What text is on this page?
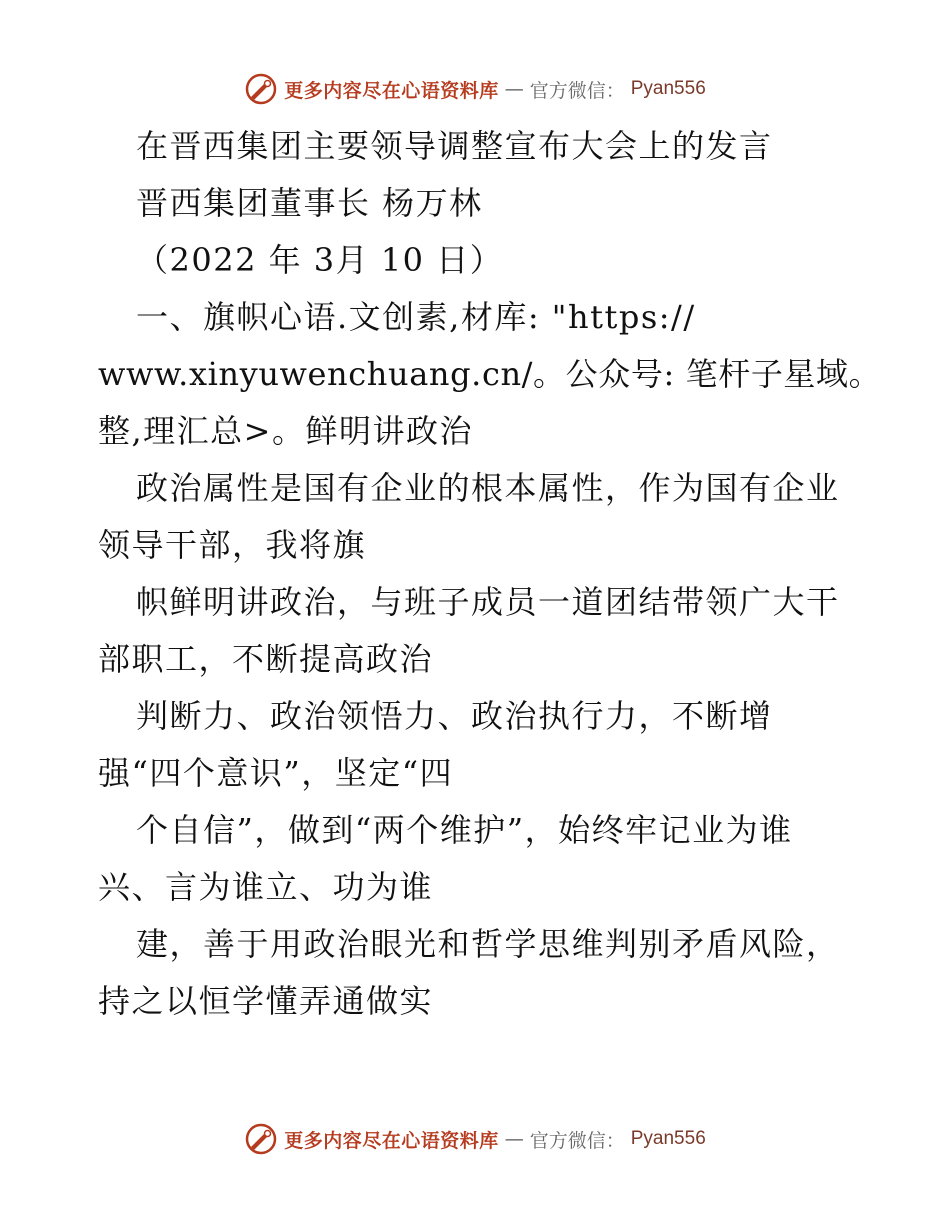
更多内容尽在心语资料库 — 官方微信： Pyan556

在晋西集团主要领导调整宣布大会上的发言

晋西集团董事长 杨万林

（2022 年 3月 10 日）

一、旗帜心语.文创素,材库: "https://

www.xinyuwenchuang.cn/。公众号: 笔杆子星域。

整,理汇总>。鲜明讲政治

政治属性是国有企业的根本属性，作为国有企业

领导干部，我将旗

帜鲜明讲政治，与班子成员一道团结带领广大干

部职工，不断提高政治

判断力、政治领悟力、政治执行力，不断增

强“四个意识”，坚定“四

个自信”，做到“两个维护”，始终牢记业为谁

兴、言为谁立、功为谁

建，善于用政治眼光和哲学思维判别矛盾风险，

持之以恒学懂弄通做实

更多内容尽在心语资料库 — 官方微信： Pyan556
